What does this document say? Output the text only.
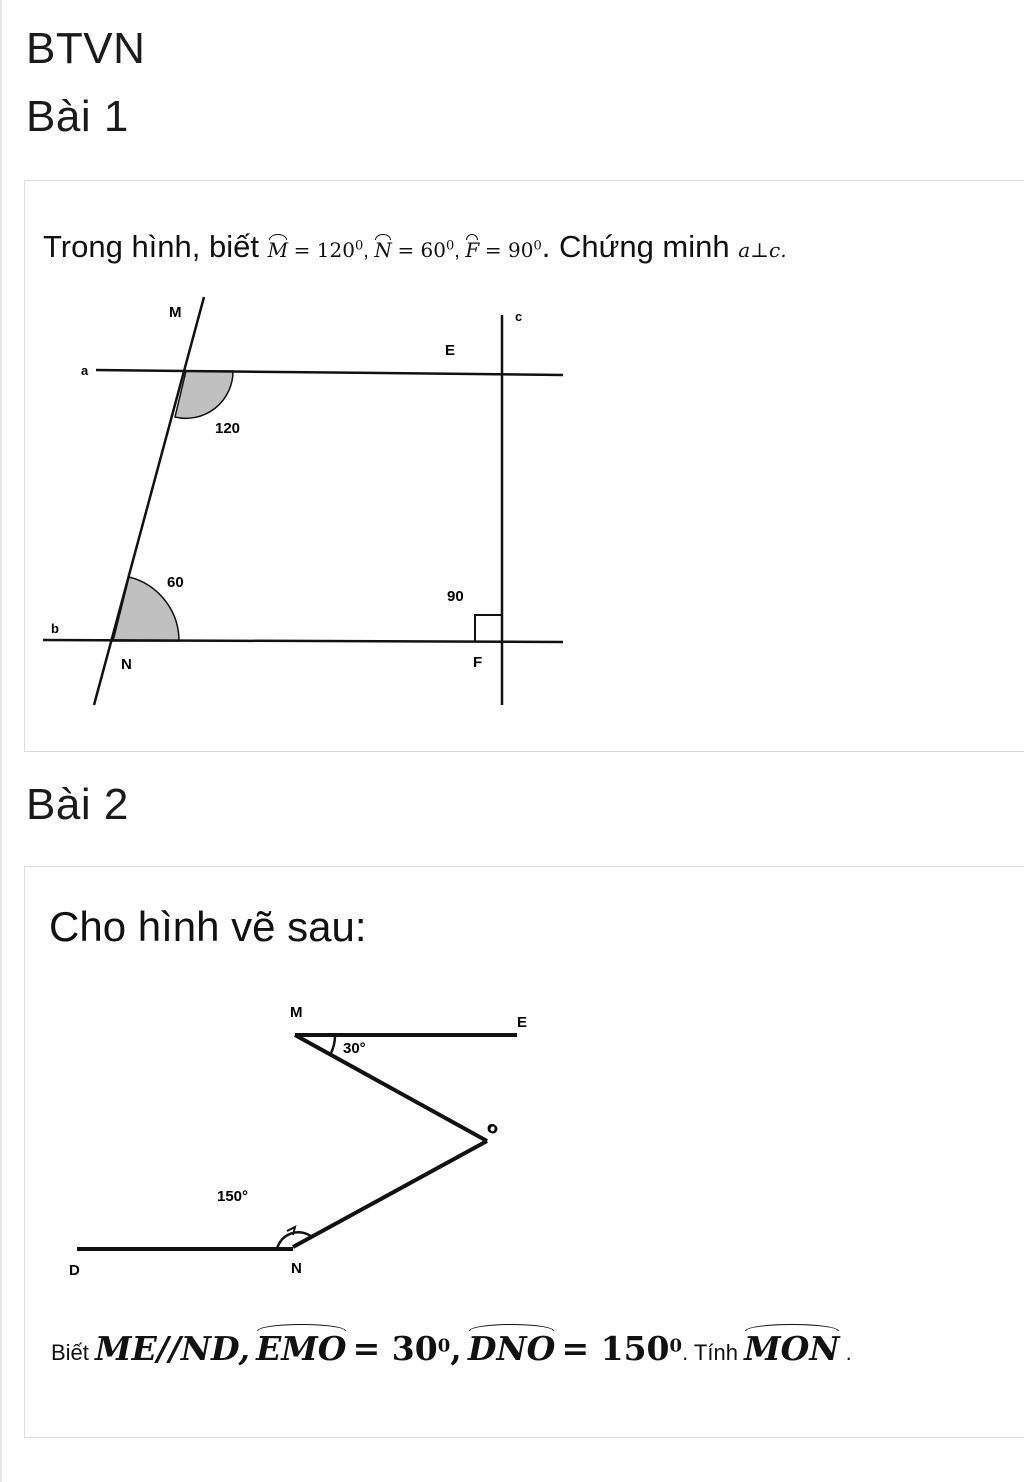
BTVN
Bài 1
Trong hình, biết $M = 120^0$, $N = 60^0$, $F = 90^0$. Chứng minh a⊥c.
M	c
E
a
120
60
90
b
N	F
Bài 2
Cho hình vẽ sau:
M
E
30°
O
150°
D	N
Biết ME//ND, EMO = $30^0$, DNO = $150^0$. Tính MON .
